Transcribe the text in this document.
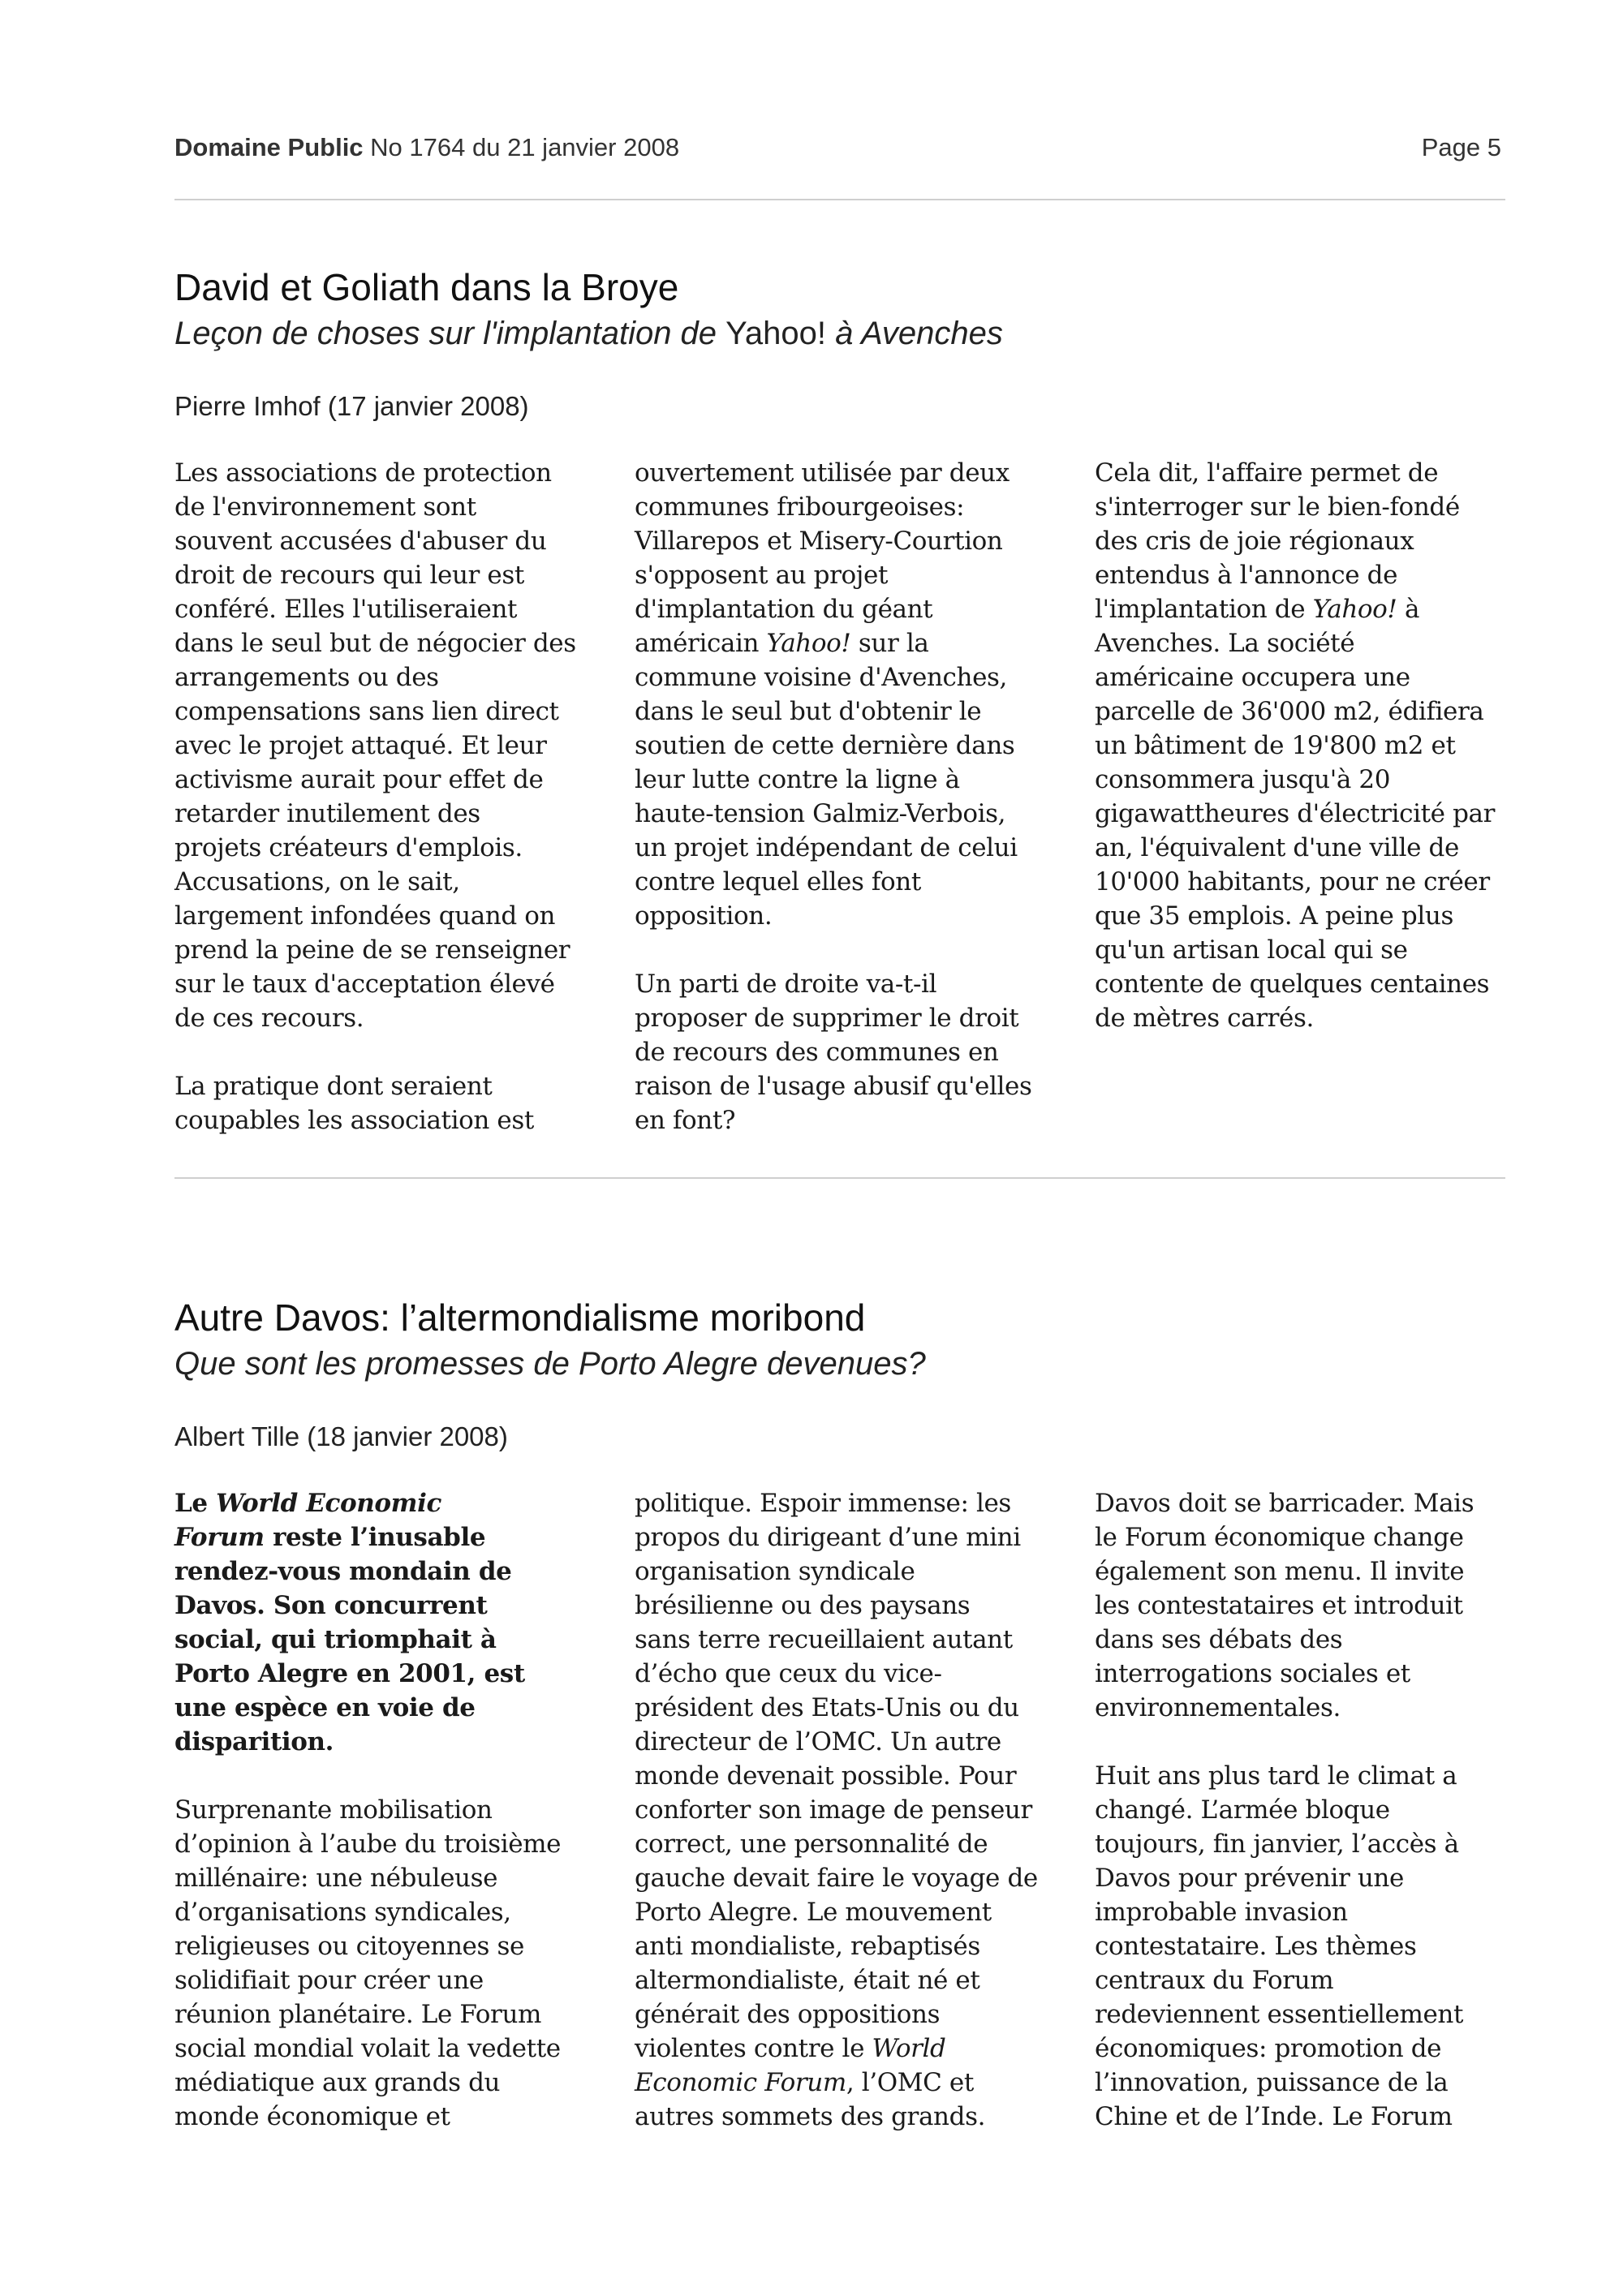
Domaine Public No 1764 du 21 janvier 2008	Page 5
David et Goliath dans la Broye
Leçon de choses sur l'implantation de Yahoo! à Avenches
Pierre Imhof (17 janvier 2008)

Les associations de protection
de l'environnement sont
souvent accusées d'abuser du
droit de recours qui leur est
conféré. Elles l'utiliseraient
dans le seul but de négocier des
arrangements ou des
compensations sans lien direct
avec le projet attaqué. Et leur
activisme aurait pour effet de
retarder inutilement des
projets créateurs d'emplois.
Accusations, on le sait,
largement infondées quand on
prend la peine de se renseigner
sur le taux d'acceptation élevé
de ces recours.

La pratique dont seraient
coupables les association est

ouvertement utilisée par deux
communes fribourgeoises:
Villarepos et Misery-Courtion
s'opposent au projet
d'implantation du géant
américain Yahoo! sur la
commune voisine d'Avenches,
dans le seul but d'obtenir le
soutien de cette dernière dans
leur lutte contre la ligne à
haute-tension Galmiz-Verbois,
un projet indépendant de celui
contre lequel elles font
opposition.

Un parti de droite va-t-il
proposer de supprimer le droit
de recours des communes en
raison de l'usage abusif qu'elles
en font?

Cela dit, l'affaire permet de
s'interroger sur le bien-fondé
des cris de joie régionaux
entendus à l'annonce de
l'implantation de Yahoo! à
Avenches. La société
américaine occupera une
parcelle de 36'000 m2, édifiera
un bâtiment de 19'800 m2 et
consommera jusqu'à 20
gigawattheures d'électricité par
an, l'équivalent d'une ville de
10'000 habitants, pour ne créer
que 35 emplois. A peine plus
qu'un artisan local qui se
contente de quelques centaines
de mètres carrés.

Autre Davos: l’altermondialisme moribond
Que sont les promesses de Porto Alegre devenues?
Albert Tille (18 janvier 2008)

Le World Economic
Forum reste l’inusable
rendez-vous mondain de
Davos. Son concurrent
social, qui triomphait à
Porto Alegre en 2001, est
une espèce en voie de
disparition.

Surprenante mobilisation
d’opinion à l’aube du troisième
millénaire: une nébuleuse
d’organisations syndicales,
religieuses ou citoyennes se
solidifiait pour créer une
réunion planétaire. Le Forum
social mondial volait la vedette
médiatique aux grands du
monde économique et

politique. Espoir immense: les
propos du dirigeant d’une mini
organisation syndicale
brésilienne ou des paysans
sans terre recueillaient autant
d’écho que ceux du vice-
président des Etats-Unis ou du
directeur de l’OMC. Un autre
monde devenait possible. Pour
conforter son image de penseur
correct, une personnalité de
gauche devait faire le voyage de
Porto Alegre. Le mouvement
anti mondialiste, rebaptisés
altermondialiste, était né et
générait des oppositions
violentes contre le World
Economic Forum, l’OMC et
autres sommets des grands.

Davos doit se barricader. Mais
le Forum économique change
également son menu. Il invite
les contestataires et introduit
dans ses débats des
interrogations sociales et
environnementales.

Huit ans plus tard le climat a
changé. L’armée bloque
toujours, fin janvier, l’accès à
Davos pour prévenir une
improbable invasion
contestataire. Les thèmes
centraux du Forum
redeviennent essentiellement
économiques: promotion de
l’innovation, puissance de la
Chine et de l’Inde. Le Forum
